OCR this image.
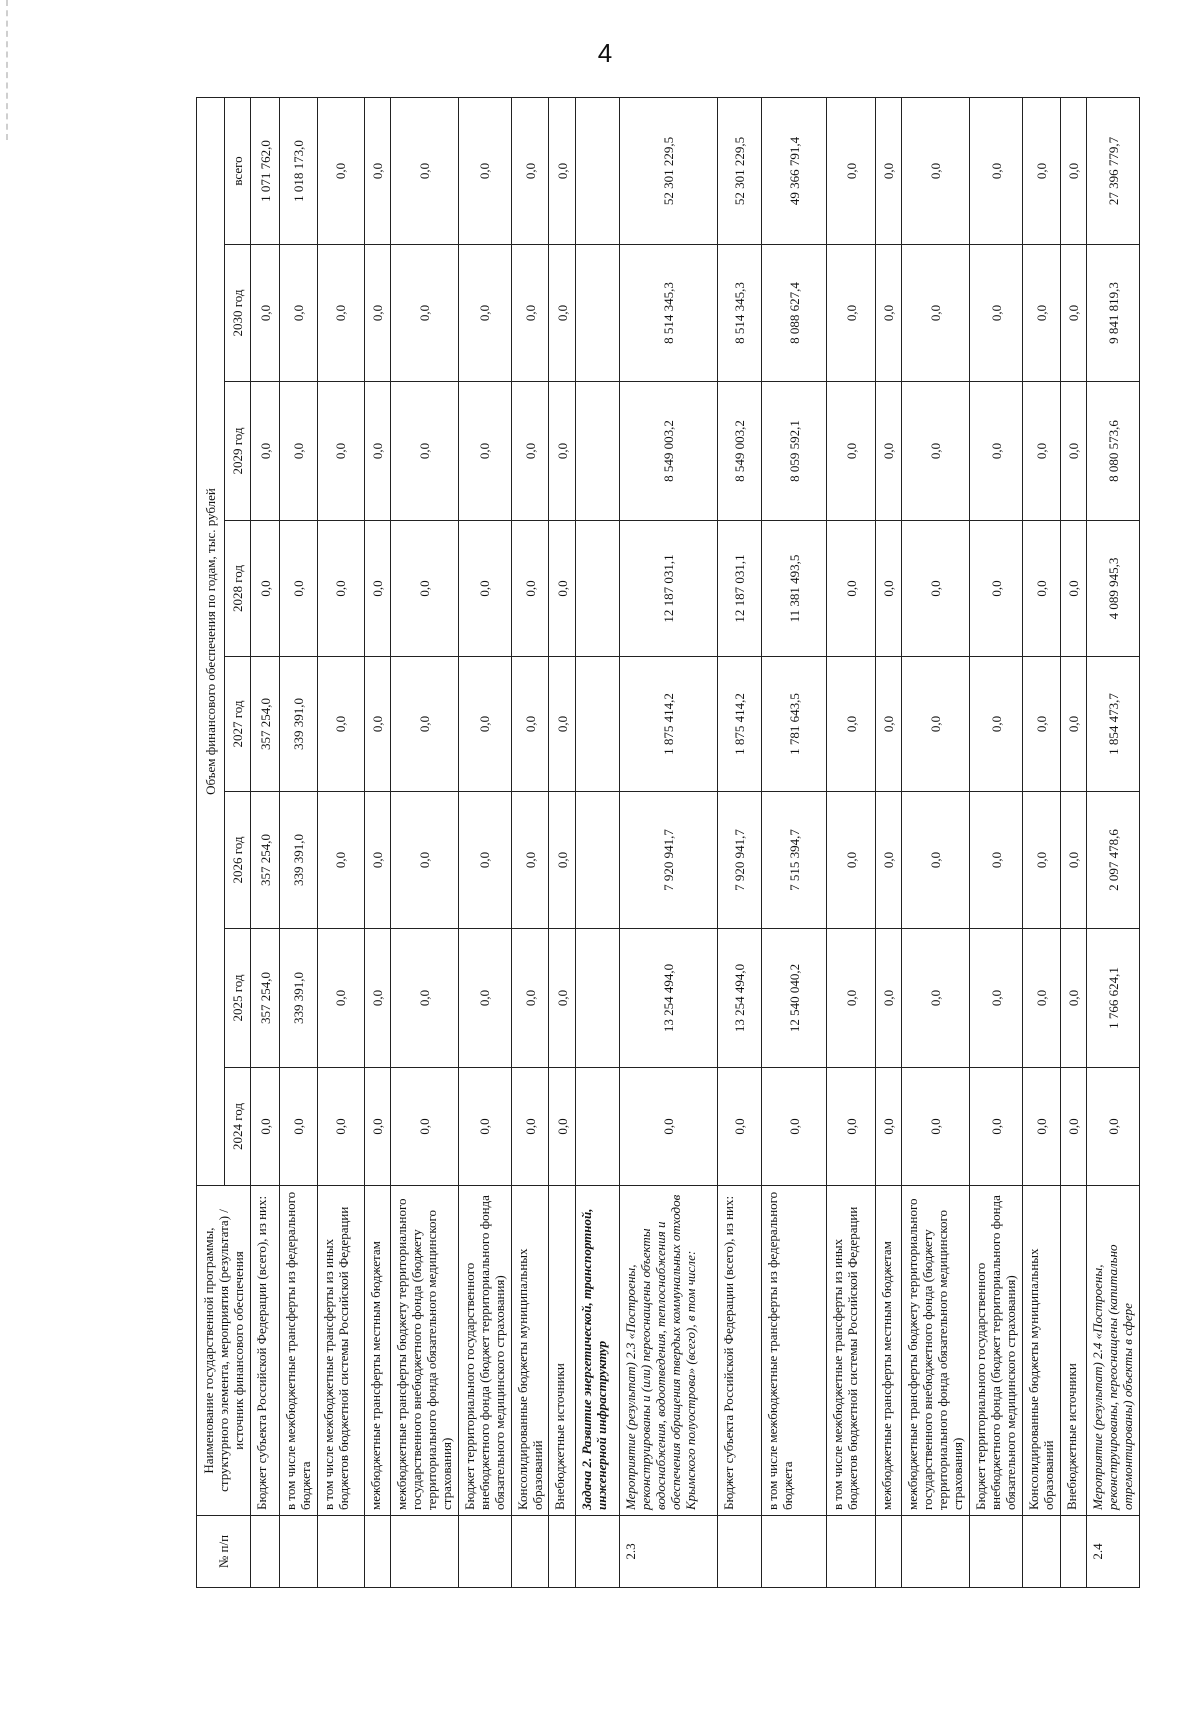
4
№ п/п	Наименование государственной программы, структурного элемента, мероприятия (результата) / источник финансового обеспечения	Объем финансового обеспечения по годам, тыс. рублей							
		2024 год	2025 год	2026 год	2027 год	2028 год	2029 год	2030 год	всего
	Бюджет субъекта Российской Федерации (всего), из них:	0,0	357 254,0	357 254,0	357 254,0	0,0	0,0	0,0	1 071 762,0
	в том числе межбюджетные трансферты из федерального бюджета	0,0	339 391,0	339 391,0	339 391,0	0,0	0,0	0,0	1 018 173,0
	в том числе межбюджетные трансферты из иных бюджетов бюджетной системы Российской Федерации	0,0	0,0	0,0	0,0	0,0	0,0	0,0	0,0
	межбюджетные трансферты местным бюджетам	0,0	0,0	0,0	0,0	0,0	0,0	0,0	0,0
	межбюджетные трансферты бюджету территориального государственного внебюджетного фонда (бюджету территориального фонда обязательного медицинского страхования)	0,0	0,0	0,0	0,0	0,0	0,0	0,0	0,0
	Бюджет территориального государственного внебюджетного фонда (бюджет территориального фонда обязательного медицинского страхования)	0,0	0,0	0,0	0,0	0,0	0,0	0,0	0,0
	Консолидированные бюджеты муниципальных образований	0,0	0,0	0,0	0,0	0,0	0,0	0,0	0,0
	Внебюджетные источники	0,0	0,0	0,0	0,0	0,0	0,0	0,0	0,0
	Задача 2. Развитие энергетической, транспортной, инженерной инфраструктур								
2.3	Мероприятие (результат) 2.3 «Построены, реконструированы и (или) переоснащены объекты водоснабжения, водоотведения, теплоснабжения и обеспечения обращения твердых коммунальных отходов Крымского полуострова» (всего), в том числе:	0,0	13 254 494,0	7 920 941,7	1 875 414,2	12 187 031,1	8 549 003,2	8 514 345,3	52 301 229,5
	Бюджет субъекта Российской Федерации (всего), из них:	0,0	13 254 494,0	7 920 941,7	1 875 414,2	12 187 031,1	8 549 003,2	8 514 345,3	52 301 229,5
	в том числе межбюджетные трансферты из федерального бюджета	0,0	12 540 040,2	7 515 394,7	1 781 643,5	11 381 493,5	8 059 592,1	8 088 627,4	49 366 791,4
	в том числе межбюджетные трансферты из иных бюджетов бюджетной системы Российской Федерации	0,0	0,0	0,0	0,0	0,0	0,0	0,0	0,0
	межбюджетные трансферты местным бюджетам	0,0	0,0	0,0	0,0	0,0	0,0	0,0	0,0
	межбюджетные трансферты бюджету территориального государственного внебюджетного фонда (бюджету территориального фонда обязательного медицинского страхования)	0,0	0,0	0,0	0,0	0,0	0,0	0,0	0,0
	Бюджет территориального государственного внебюджетного фонда (бюджет территориального фонда обязательного медицинского страхования)	0,0	0,0	0,0	0,0	0,0	0,0	0,0	0,0
	Консолидированные бюджеты муниципальных образований	0,0	0,0	0,0	0,0	0,0	0,0	0,0	0,0
	Внебюджетные источники	0,0	0,0	0,0	0,0	0,0	0,0	0,0	0,0
2.4	Мероприятие (результат) 2.4 «Построены, реконструированы, переоснащены (капитально отремонтированы) объекты в сфере	0,0	1 766 624,1	2 097 478,6	1 854 473,7	4 089 945,3	8 080 573,6	9 841 819,3	27 396 779,7
